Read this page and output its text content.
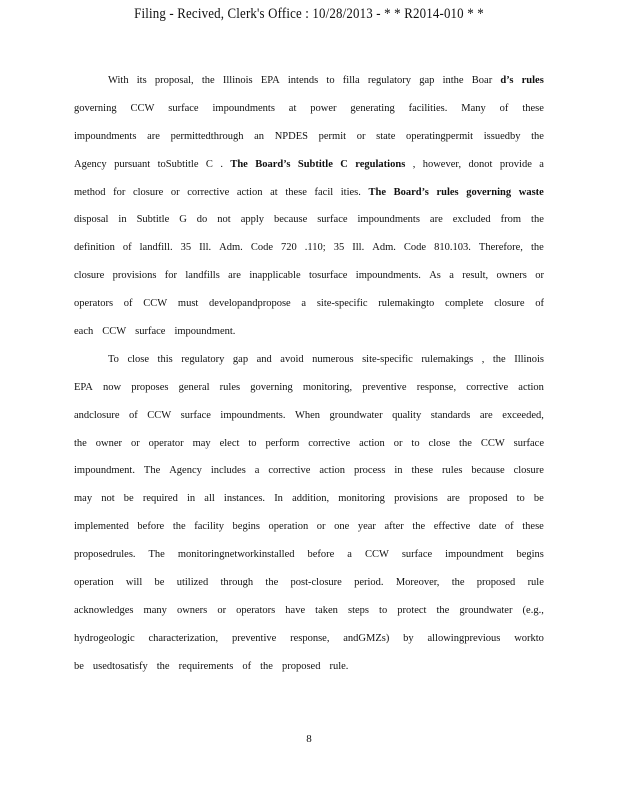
Filing - Recived, Clerk's Office : 10/28/2013 - * * R2014-010 * *
With its proposal, the Illinois EPA intends to filla regulatory gap inthe Boar d’s rules
governing CCW surface impoundments at power generating facilities. Many of these
impoundments are permittedthrough an NPDES permit or state operatingpermit issuedby the
Agency pursuant toSubtitle C . The Board’s Subtitle C regulations , however, donot provide a
method for closure or corrective action at these facil ities. The Board’s rules governing waste
disposal in Subtitle G do not apply because surface impoundments are excluded from the
definition of landfill. 35 Ill. Adm. Code 720 .110; 35 Ill. Adm. Code 810.103. Therefore, the
closure provisions for landfills are inapplicable tosurface impoundments. As a result, owners or
operators of CCW must developandpropose a site-specific rulemakingto complete closure of
each CCW surface impoundment.
To close this regulatory gap and avoid numerous site-specific rulemakings , the Illinois
EPA now proposes general rules governing monitoring, preventive response, corrective action
andclosure of CCW surface impoundments. When groundwater quality standards are exceeded,
the owner or operator may elect to perform corrective action or to close the CCW surface
impoundment. The Agency includes a corrective action process in these rules because closure
may not be required in all instances. In addition, monitoring provisions are proposed to be
implemented before the facility begins operation or one year after the effective date of these
proposedrules. The monitoringnetworkinstalled before a CCW surface impoundment begins
operation will be utilized through the post-closure period. Moreover, the proposed rule
acknowledges many owners or operators have taken steps to protect the groundwater (e.g.,
hydrogeologic characterization, preventive response, andGMZs) by allowingprevious workto
be usedtosatisfy the requirements of the proposed rule.
8
